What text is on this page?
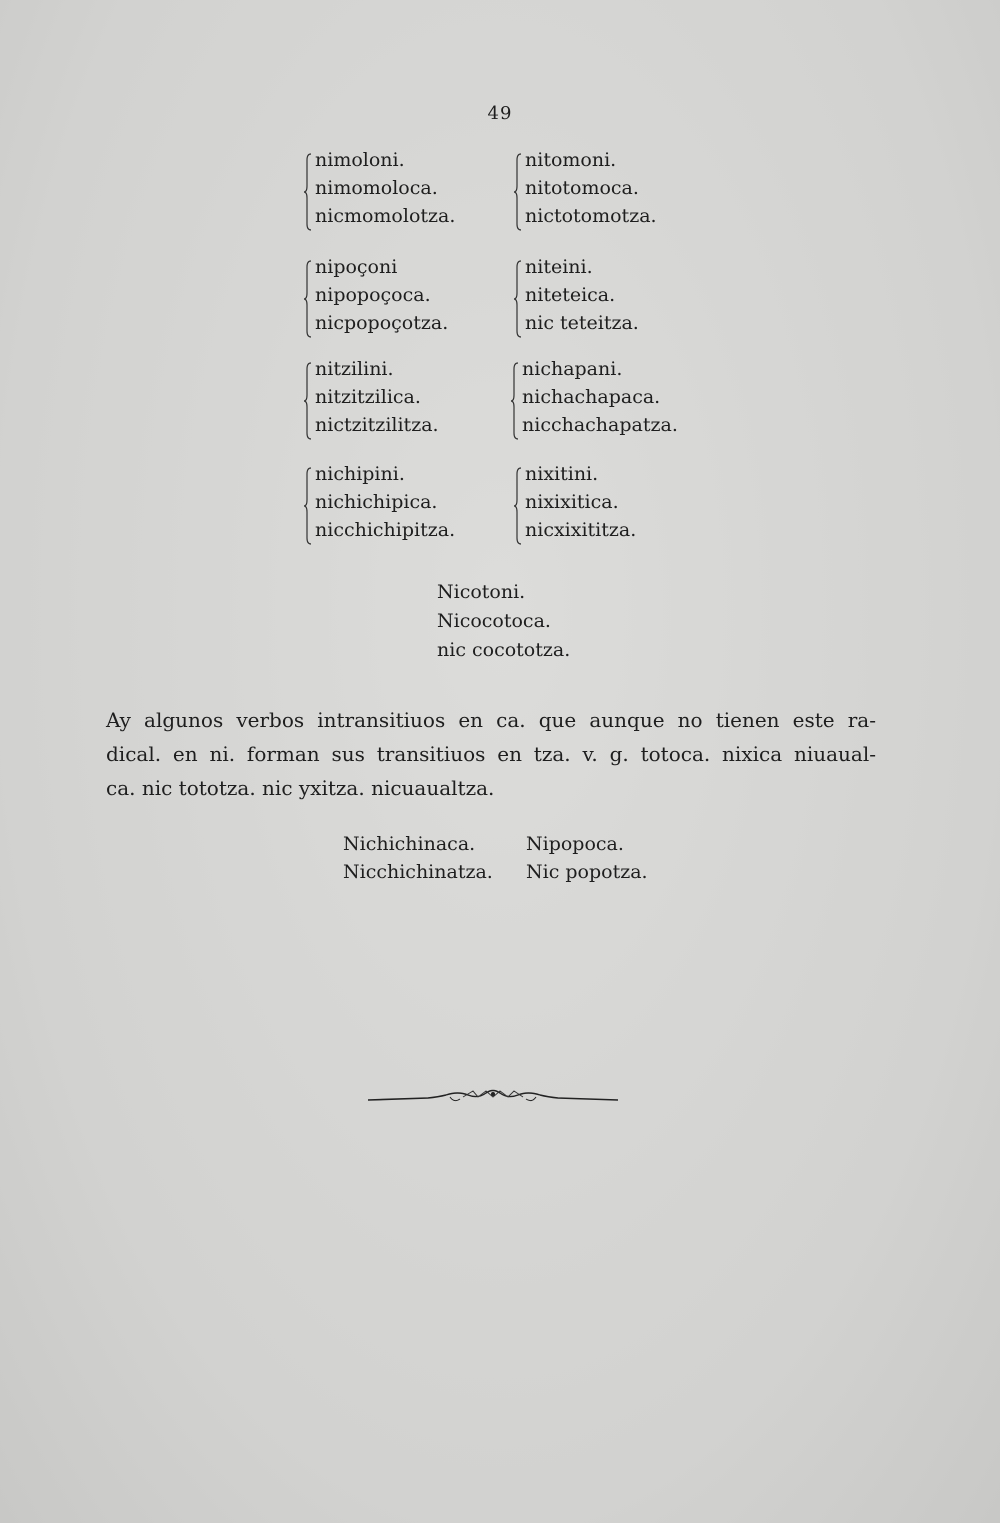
49
nimoloni.
nimomoloca.
nicmomolotza.
nitomoni.
nitotomoca.
nictotomotza.
nipoçoni
nipopoçoca.
nicpopoçotza.
niteini.
niteteica.
nic teteitza.
nitzilini.
nitzitzilica.
nictzitzilitza.
nichapani.
nichachapaca.
nicchachapatza.
nichipini.
nichichipica.
nicchichipitza.
nixitini.
nixixitica.
nicxixititza.
Nicotoni.
Nicocotoca.
nic cocototza.
Ay algunos verbos intransitiuos en ca. que aunque no tienen este ra-
dical. en ni. forman sus transitiuos en tza. v. g. totoca. nixica niuaual-
ca. nic tototza. nic yxitza. nicuaualtza.
Nichichinaca.
Nicchichinatza.
Nipopoca.
Nic popotza.
